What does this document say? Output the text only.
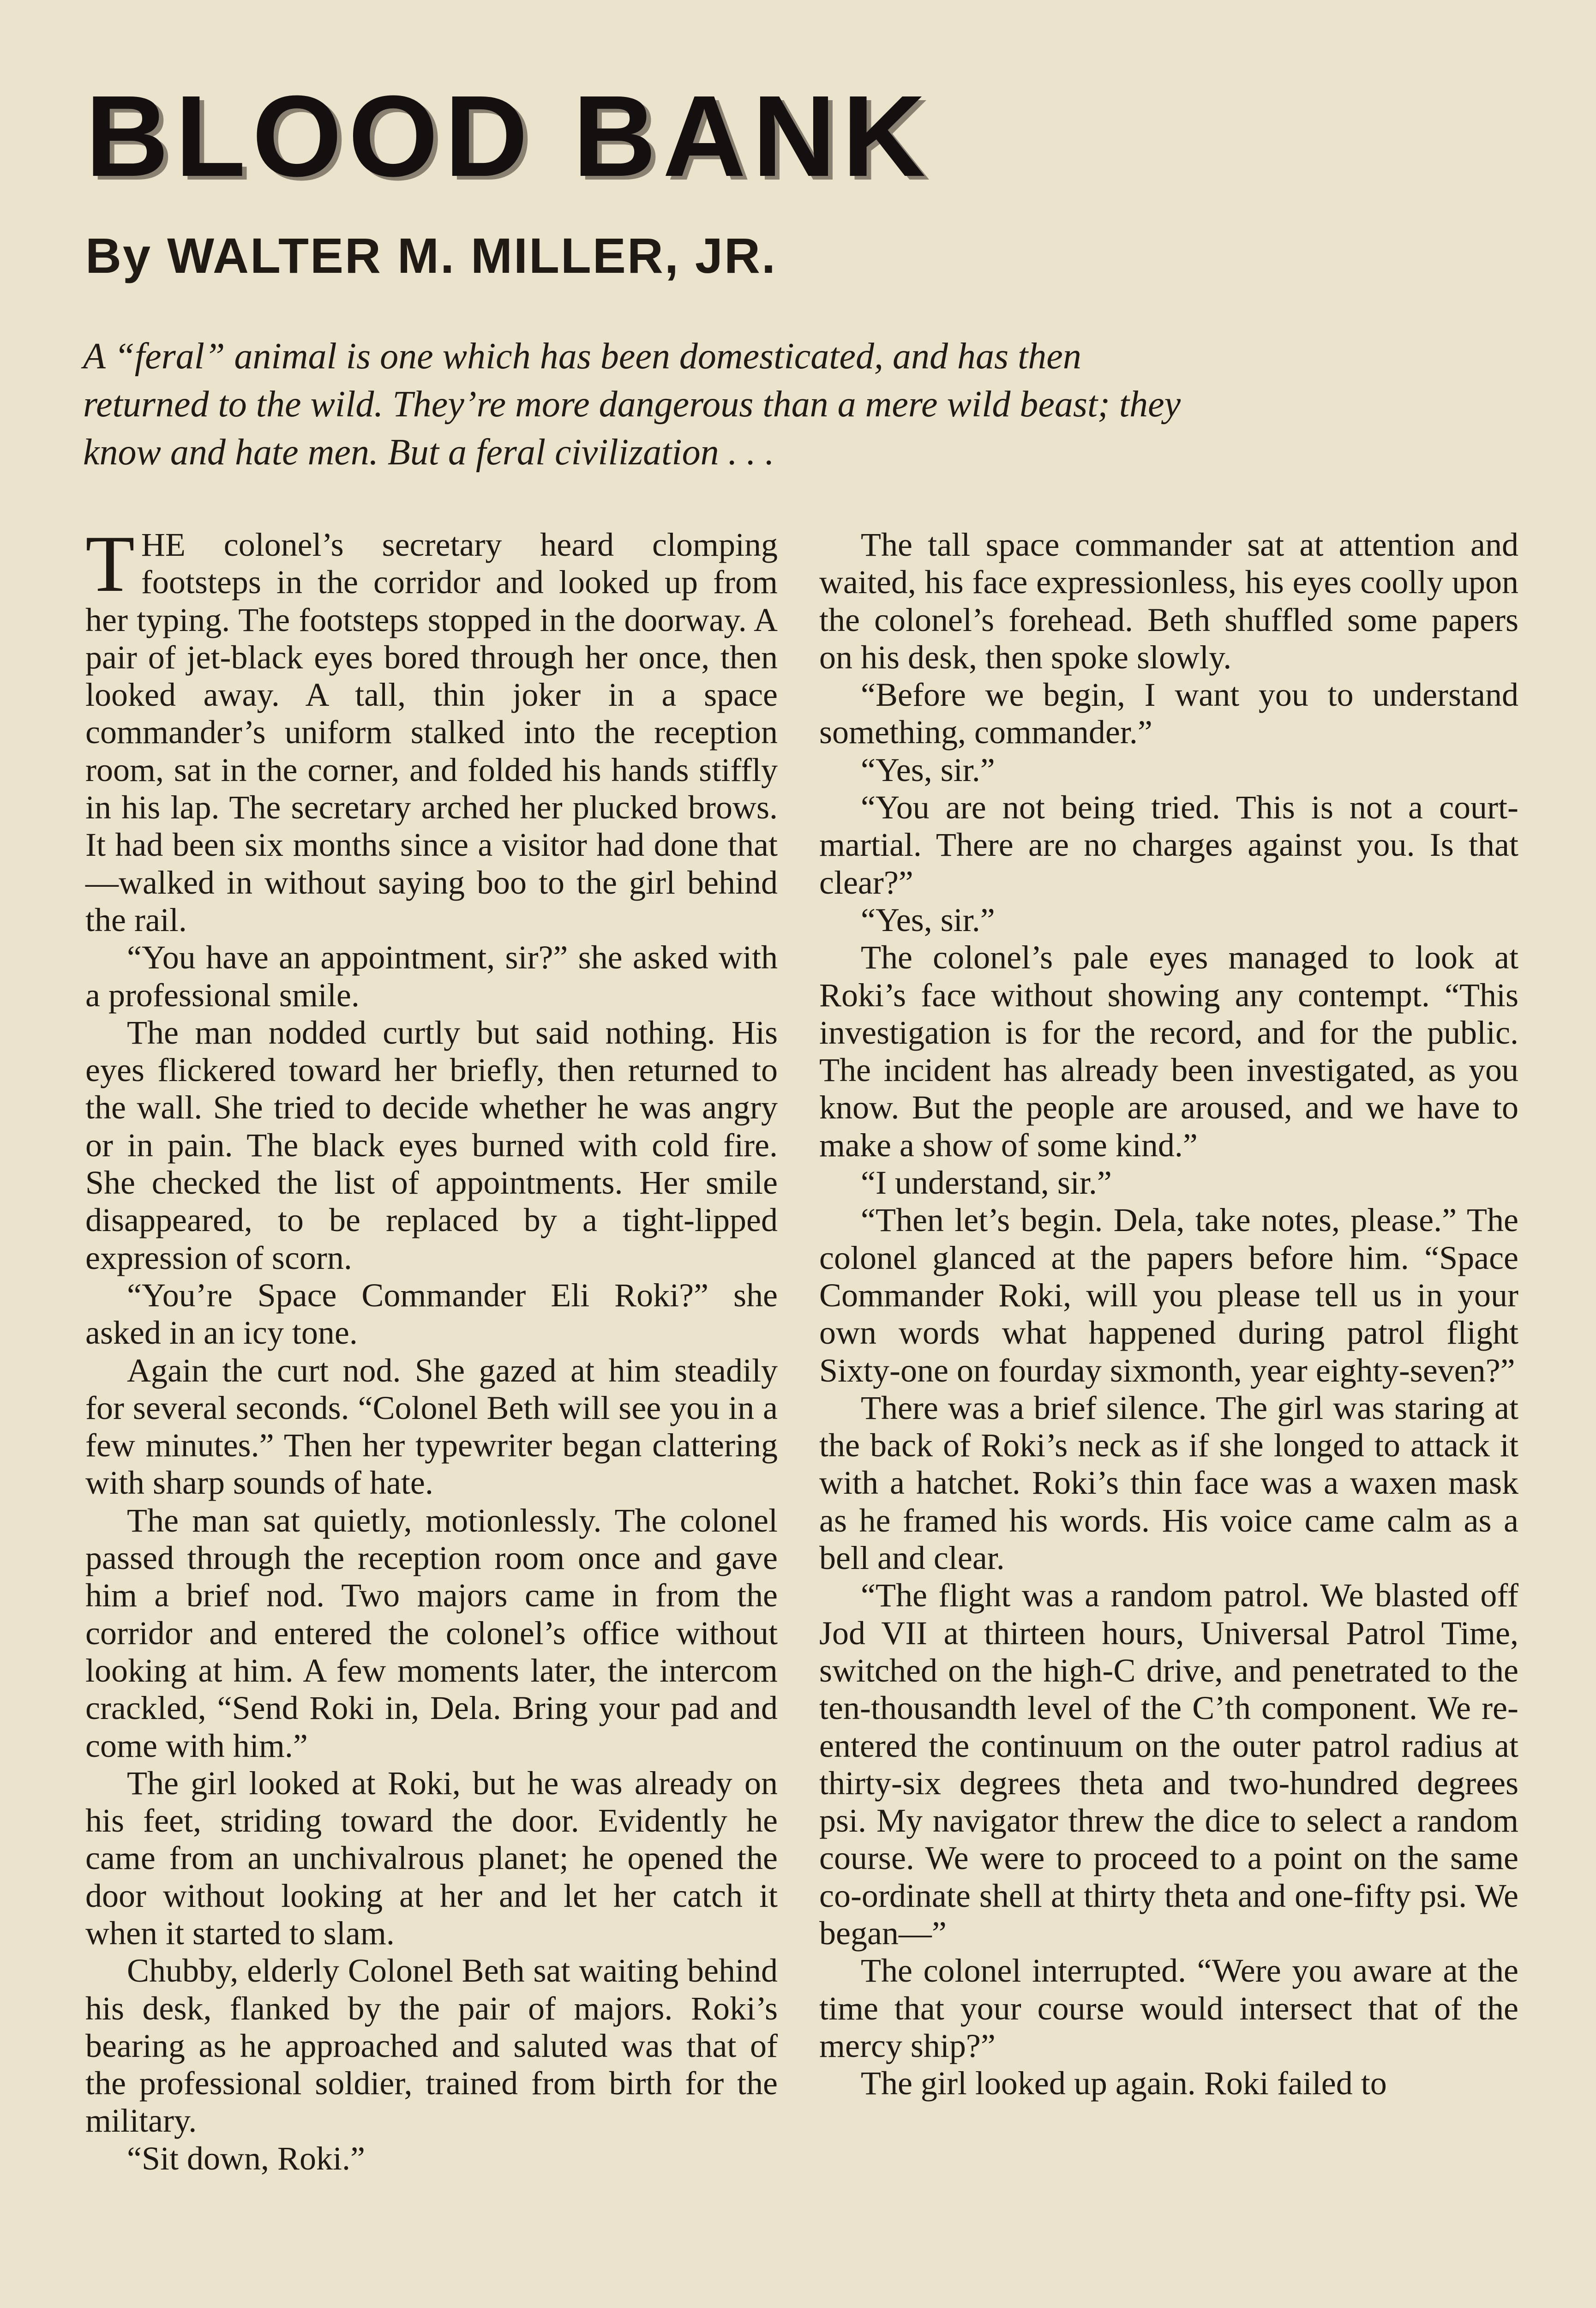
BLOOD BANK
By WALTER M. MILLER, JR.

A “feral” animal is one which has been domesticated, and has then returned to the wild. They’re more dangerous than a mere wild beast; they know and hate men. But a feral civilization . . .

THE colonel’s secretary heard clomping footsteps in the corridor and looked up from her typing. The footsteps stopped in the doorway. A pair of jet-black eyes bored through her once, then looked away. A tall, thin joker in a space commander’s uniform stalked into the reception room, sat in the corner, and folded his hands stiffly in his lap. The secretary arched her plucked brows. It had been six months since a visitor had done that—walked in without saying boo to the girl behind the rail.

“You have an appointment, sir?” she asked with a professional smile.

The man nodded curtly but said nothing. His eyes flickered toward her briefly, then returned to the wall. She tried to decide whether he was angry or in pain. The black eyes burned with cold fire. She checked the list of appointments. Her smile disappeared, to be replaced by a tight-lipped expression of scorn.

“You’re Space Commander Eli Roki?” she asked in an icy tone.

Again the curt nod. She gazed at him steadily for several seconds. “Colonel Beth will see you in a few minutes.” Then her typewriter began clattering with sharp sounds of hate.

The man sat quietly, motionlessly. The colonel passed through the reception room once and gave him a brief nod. Two majors came in from the corridor and entered the colonel’s office without looking at him. A few moments later, the intercom crackled, “Send Roki in, Dela. Bring your pad and come with him.”

The girl looked at Roki, but he was already on his feet, striding toward the door. Evidently he came from an unchivalrous planet; he opened the door without looking at her and let her catch it when it started to slam.

Chubby, elderly Colonel Beth sat waiting behind his desk, flanked by the pair of majors. Roki’s bearing as he approached and saluted was that of the professional soldier, trained from birth for the military.

“Sit down, Roki.”

The tall space commander sat at attention and waited, his face expressionless, his eyes coolly upon the colonel’s forehead. Beth shuffled some papers on his desk, then spoke slowly.

“Before we begin, I want you to understand something, commander.”

“Yes, sir.”

“You are not being tried. This is not a court-martial. There are no charges against you. Is that clear?”

“Yes, sir.”

The colonel’s pale eyes managed to look at Roki’s face without showing any contempt. “This investigation is for the record, and for the public. The incident has already been investigated, as you know. But the people are aroused, and we have to make a show of some kind.”

“I understand, sir.”

“Then let’s begin. Dela, take notes, please.” The colonel glanced at the papers before him. “Space Commander Roki, will you please tell us in your own words what happened during patrol flight Sixty-one on fourday sixmonth, year eighty-seven?”

There was a brief silence. The girl was staring at the back of Roki’s neck as if she longed to attack it with a hatchet. Roki’s thin face was a waxen mask as he framed his words. His voice came calm as a bell and clear.

“The flight was a random patrol. We blasted off Jod VII at thirteen hours, Universal Patrol Time, switched on the high-C drive, and penetrated to the ten-thousandth level of the C’th component. We re-entered the continuum on the outer patrol radius at thirty-six degrees theta and two-hundred degrees psi. My navigator threw the dice to select a random course. We were to proceed to a point on the same co-ordinate shell at thirty theta and one-fifty psi. We began—”

The colonel interrupted. “Were you aware at the time that your course would intersect that of the mercy ship?”

The girl looked up again. Roki failed to
